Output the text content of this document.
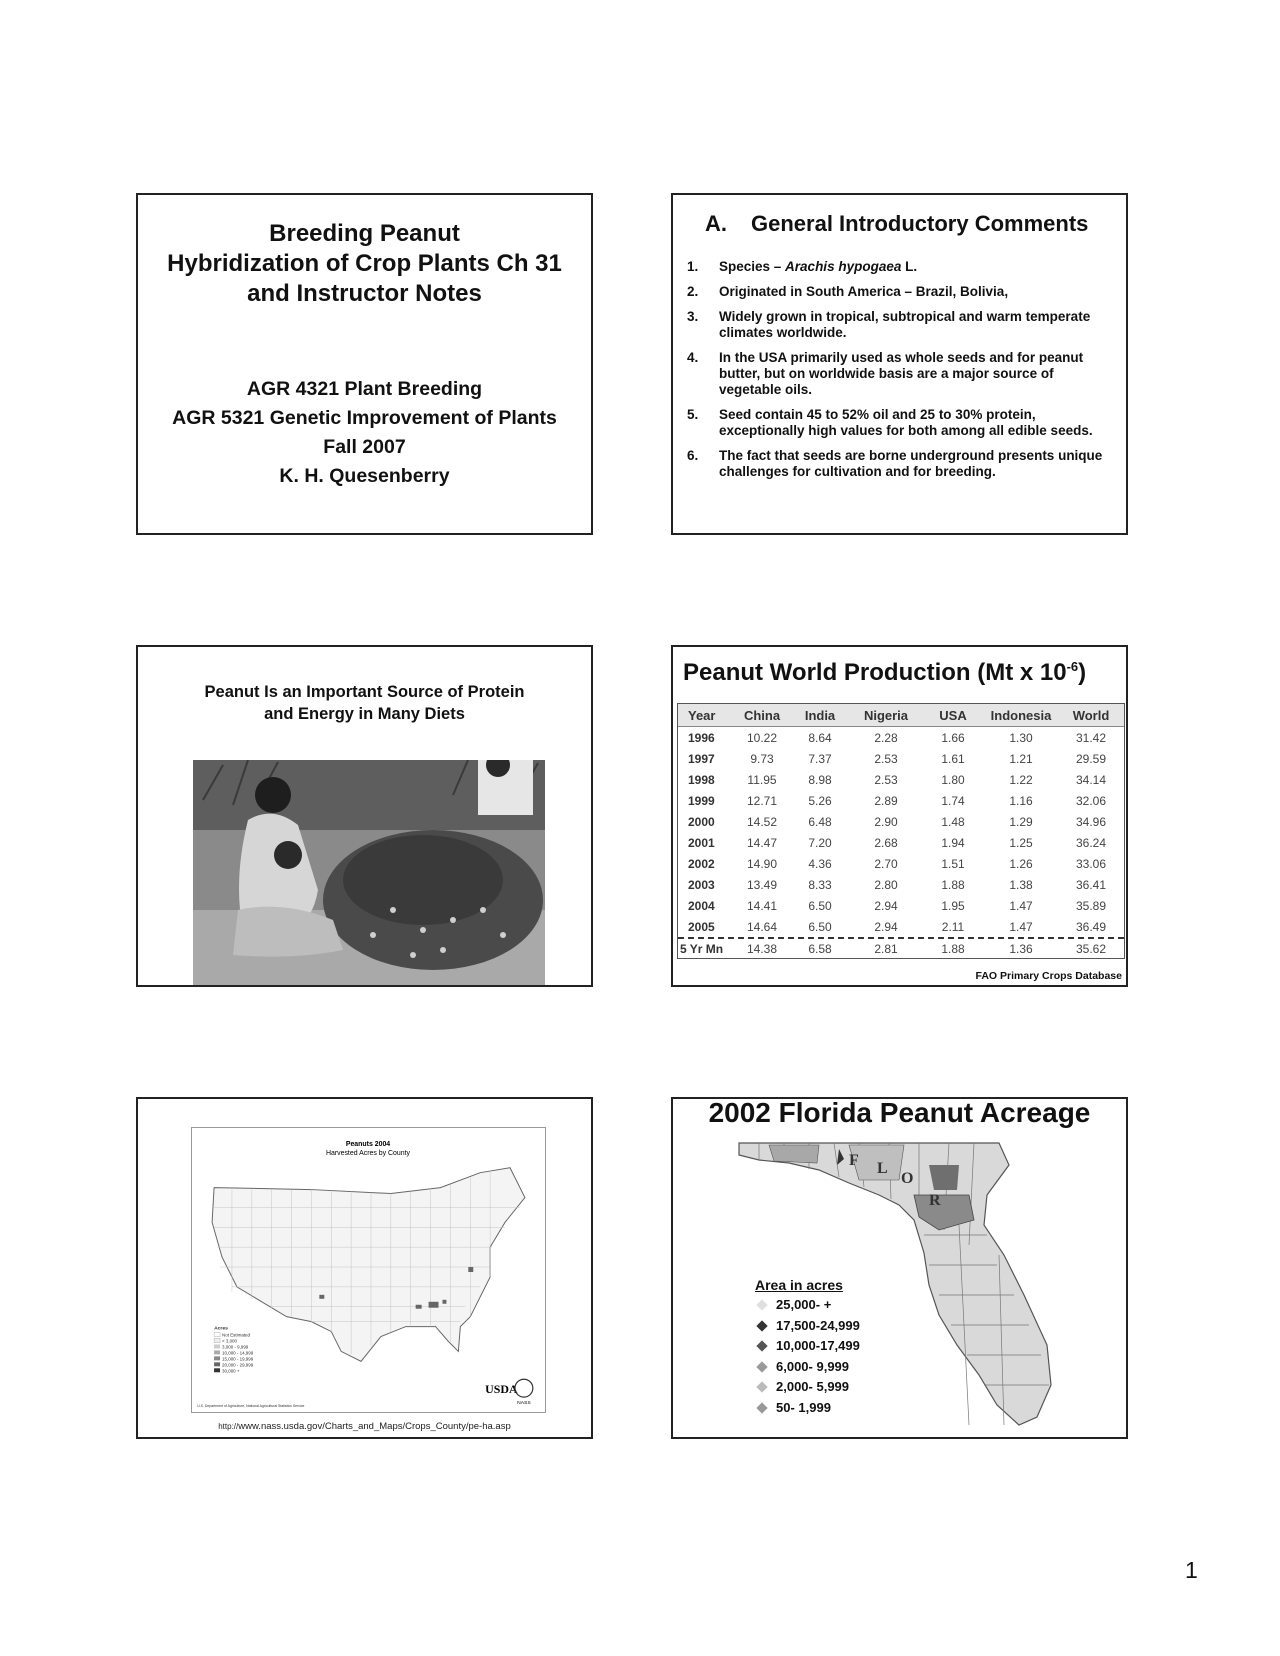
Breeding Peanut
Hybridization of Crop Plants Ch 31
and Instructor Notes
AGR 4321 Plant Breeding
AGR 5321 Genetic Improvement of Plants
Fall 2007
K. H. Quesenberry
A. General Introductory Comments
1.	Species – Arachis hypogaea L.
2.	Originated in South America – Brazil, Bolivia,
3.	Widely grown in tropical, subtropical and warm temperate climates worldwide.
4.	In the USA primarily used as whole seeds and for peanut butter, but on worldwide basis are a major source of vegetable oils.
5.	Seed contain 45 to 52% oil and 25 to 30% protein, exceptionally high values for both among all edible seeds.
6.	The fact that seeds are borne underground presents unique challenges for cultivation and for breeding.
Peanut Is an Important Source of Protein
and Energy in Many Diets
Peanut World Production (Mt x $10^{-6}$)
Year	China	India	Nigeria	USA	Indonesia	World
1996	10.22	8.64	2.28	1.66	1.30	31.42
1997	9.73	7.37	2.53	1.61	1.21	29.59
1998	11.95	8.98	2.53	1.80	1.22	34.14
1999	12.71	5.26	2.89	1.74	1.16	32.06
2000	14.52	6.48	2.90	1.48	1.29	34.96
2001	14.47	7.20	2.68	1.94	1.25	36.24
2002	14.90	4.36	2.70	1.51	1.26	33.06
2003	13.49	8.33	2.80	1.88	1.38	36.41
2004	14.41	6.50	2.94	1.95	1.47	35.89
2005	14.64	6.50	2.94	2.11	1.47	36.49
5 Yr Mn	14.38	6.58	2.81	1.88	1.36	35.62
FAO Primary Crops Database
Peanuts 2004
Harvested Acres by County
Acres
Not Estimated
< 3,000
3,000 - 9,999
10,000 - 14,999
15,000 - 19,999
20,000 - 29,999
30,000 +
U.S. Department of Agriculture, National Agricultural Statistics Service
USDA
NASS
http://www.nass.usda.gov/Charts_and_Maps/Crops_County/pe-ha.asp
2002 Florida Peanut Acreage
F L
O
R
Area in acres
25,000- +
17,500-24,999
10,000-17,499
6,000- 9,999
2,000- 5,999
50- 1,999
1
